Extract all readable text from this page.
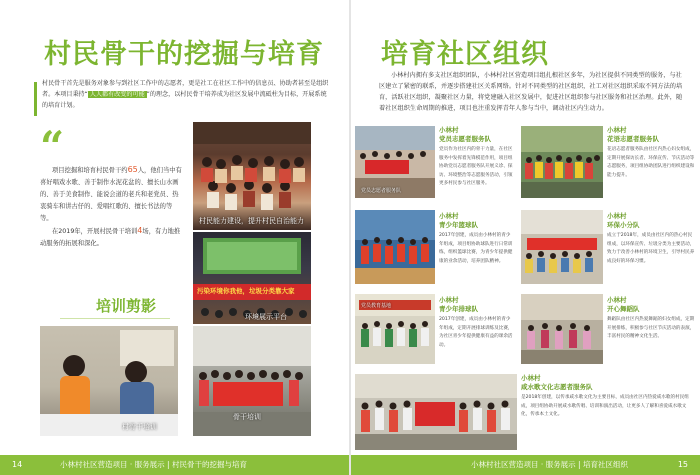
村民骨干的挖掘与培育
村民骨干首先是服务对象参与到社区工作中的志愿者，更是社工在社区工作中的信息员、协助者甚至是组织者。本项目秉持“ 人人都有改变的可能 ”的理念，以村民骨干培养成为社区发展中流砥柱为目标，开展系统的培育计划。
“

项目挖掘和培育村民骨干约65人，他们当中有喜好唱戏水歌、善于制作水泥花盆的、擅长山水画的、善于美食制作、能说会道的老兵和老党员、热衷骑车和讲古仔的、爱唱红歌的、擅长书法的等等。

在2019年，开展村民骨干培训4场，有力地推动服务的拓展和深化。

培训剪影
村民能力建设，提升村民自治能力
污染环境你我他，垃圾分类靠大家
环境展示平台
村骨干培训
骨干培训
14	小林村社区营造项目 · 服务展示 | 村民骨干的挖掘与培育
培育社区组织
小林村内拥有多支社区组织团队，小林村社区营造项目组扎根社区多年，为社区提供不同类型的服务，与社区建立了紧密的联系，并逐步搭建社区关系网络。针对不同类型的社区组织，社工对社区组织采取不同方法的培育，活跃社区组织，凝聚社区力量，将党建融入社区发展中，促进社区组织参与社区服务和社区治理。此外，随着社区组织生命周期的推进，项目也注重发挥青年人参与当中，调动社区内生动力。
小林村
党员志愿者服务队
党员作为社区内的骨干力量，在社区服务中发挥着先锋模范作用，项目组协助党员志愿者服务队开展义诊、探访、环境整治等志愿服务活动，引领更多村民参与社区服务。
党员志愿者服务队
小林村
花语志愿者服务队
花语志愿者服务队由社区内热心妇女组成，定期开展探访长者、环保宣传、节庆活动等志愿服务，项目组协助团队进行组织建设和能力提升。
小林村
青少年篮球队
2017年创建，成员由小林村的青少年组成，项目组协助球队进行日常训练，组织篮球比赛，为青少年提供健康的业余活动，培养团队精神。
小林村
环保小分队
成立于2018年，成员由社区内的热心村民组成，以环保宣传、垃圾分类为主要活动，致力于改善小林村的环境卫生，引导村民养成良好的环保习惯。
小林村
青少年排球队
2017年创建，成员由小林村的青少年组成，定期开展排球训练及比赛，为社区青少年提供健康有益的课余活动。
党员教育基地
小林村
开心舞蹈队
舞蹈队由社区内热爱舞蹈的妇女组成，定期开展排练，积极参与社区节庆活动的表演，丰富村民的精神文化生活。
小林村
咸水歌文化志愿者服务队
是2018年创建，以传承咸水歌文化为主要目标，成员由社区内热爱咸水歌的村民组成，项目组协助开展咸水歌传唱、培训和演出活动，让更多人了解和喜爱咸水歌文化，传承本土文化。
小林村社区营造项目 · 服务展示 | 培育社区组织	15
